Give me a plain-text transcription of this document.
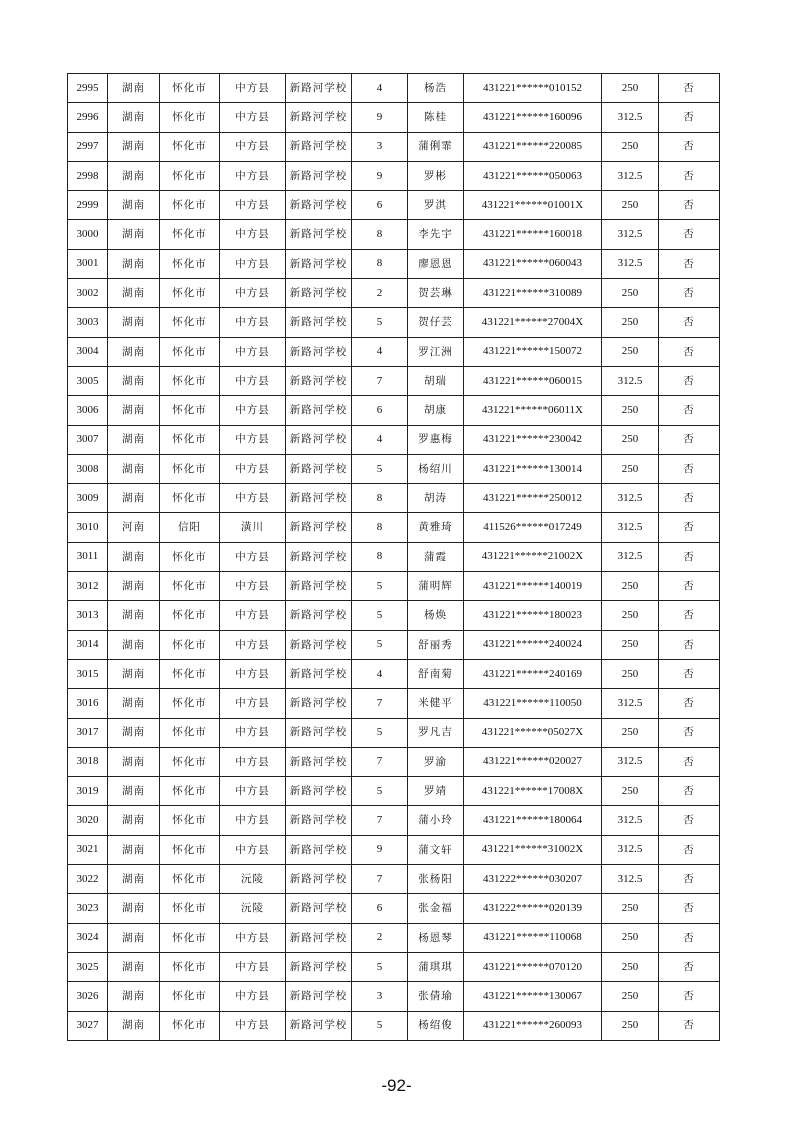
2995	湖南	怀化市	中方县	新路河学校	4	杨浩	431221******010152	250	否
2996	湖南	怀化市	中方县	新路河学校	9	陈桂	431221******160096	312.5	否
2997	湖南	怀化市	中方县	新路河学校	3	蒲俐霏	431221******220085	250	否
2998	湖南	怀化市	中方县	新路河学校	9	罗彬	431221******050063	312.5	否
2999	湖南	怀化市	中方县	新路河学校	6	罗淇	431221******01001X	250	否
3000	湖南	怀化市	中方县	新路河学校	8	李先宇	431221******160018	312.5	否
3001	湖南	怀化市	中方县	新路河学校	8	廖恩恩	431221******060043	312.5	否
3002	湖南	怀化市	中方县	新路河学校	2	贺芸琳	431221******310089	250	否
3003	湖南	怀化市	中方县	新路河学校	5	贺仔芸	431221******27004X	250	否
3004	湖南	怀化市	中方县	新路河学校	4	罗江洲	431221******150072	250	否
3005	湖南	怀化市	中方县	新路河学校	7	胡瑞	431221******060015	312.5	否
3006	湖南	怀化市	中方县	新路河学校	6	胡康	431221******06011X	250	否
3007	湖南	怀化市	中方县	新路河学校	4	罗惠梅	431221******230042	250	否
3008	湖南	怀化市	中方县	新路河学校	5	杨绍川	431221******130014	250	否
3009	湖南	怀化市	中方县	新路河学校	8	胡涛	431221******250012	312.5	否
3010	河南	信阳	潢川	新路河学校	8	黄雅琦	411526******017249	312.5	否
3011	湖南	怀化市	中方县	新路河学校	8	蒲霞	431221******21002X	312.5	否
3012	湖南	怀化市	中方县	新路河学校	5	蒲明辉	431221******140019	250	否
3013	湖南	怀化市	中方县	新路河学校	5	杨焕	431221******180023	250	否
3014	湖南	怀化市	中方县	新路河学校	5	舒丽秀	431221******240024	250	否
3015	湖南	怀化市	中方县	新路河学校	4	舒南菊	431221******240169	250	否
3016	湖南	怀化市	中方县	新路河学校	7	米健平	431221******110050	312.5	否
3017	湖南	怀化市	中方县	新路河学校	5	罗凡吉	431221******05027X	250	否
3018	湖南	怀化市	中方县	新路河学校	7	罗渝	431221******020027	312.5	否
3019	湖南	怀化市	中方县	新路河学校	5	罗靖	431221******17008X	250	否
3020	湖南	怀化市	中方县	新路河学校	7	蒲小玲	431221******180064	312.5	否
3021	湖南	怀化市	中方县	新路河学校	9	蒲文轩	431221******31002X	312.5	否
3022	湖南	怀化市	沅陵	新路河学校	7	张杨阳	431222******030207	312.5	否
3023	湖南	怀化市	沅陵	新路河学校	6	张金福	431222******020139	250	否
3024	湖南	怀化市	中方县	新路河学校	2	杨恩琴	431221******110068	250	否
3025	湖南	怀化市	中方县	新路河学校	5	蒲琪琪	431221******070120	250	否
3026	湖南	怀化市	中方县	新路河学校	3	张倩瑜	431221******130067	250	否
3027	湖南	怀化市	中方县	新路河学校	5	杨绍俊	431221******260093	250	否
-92-
